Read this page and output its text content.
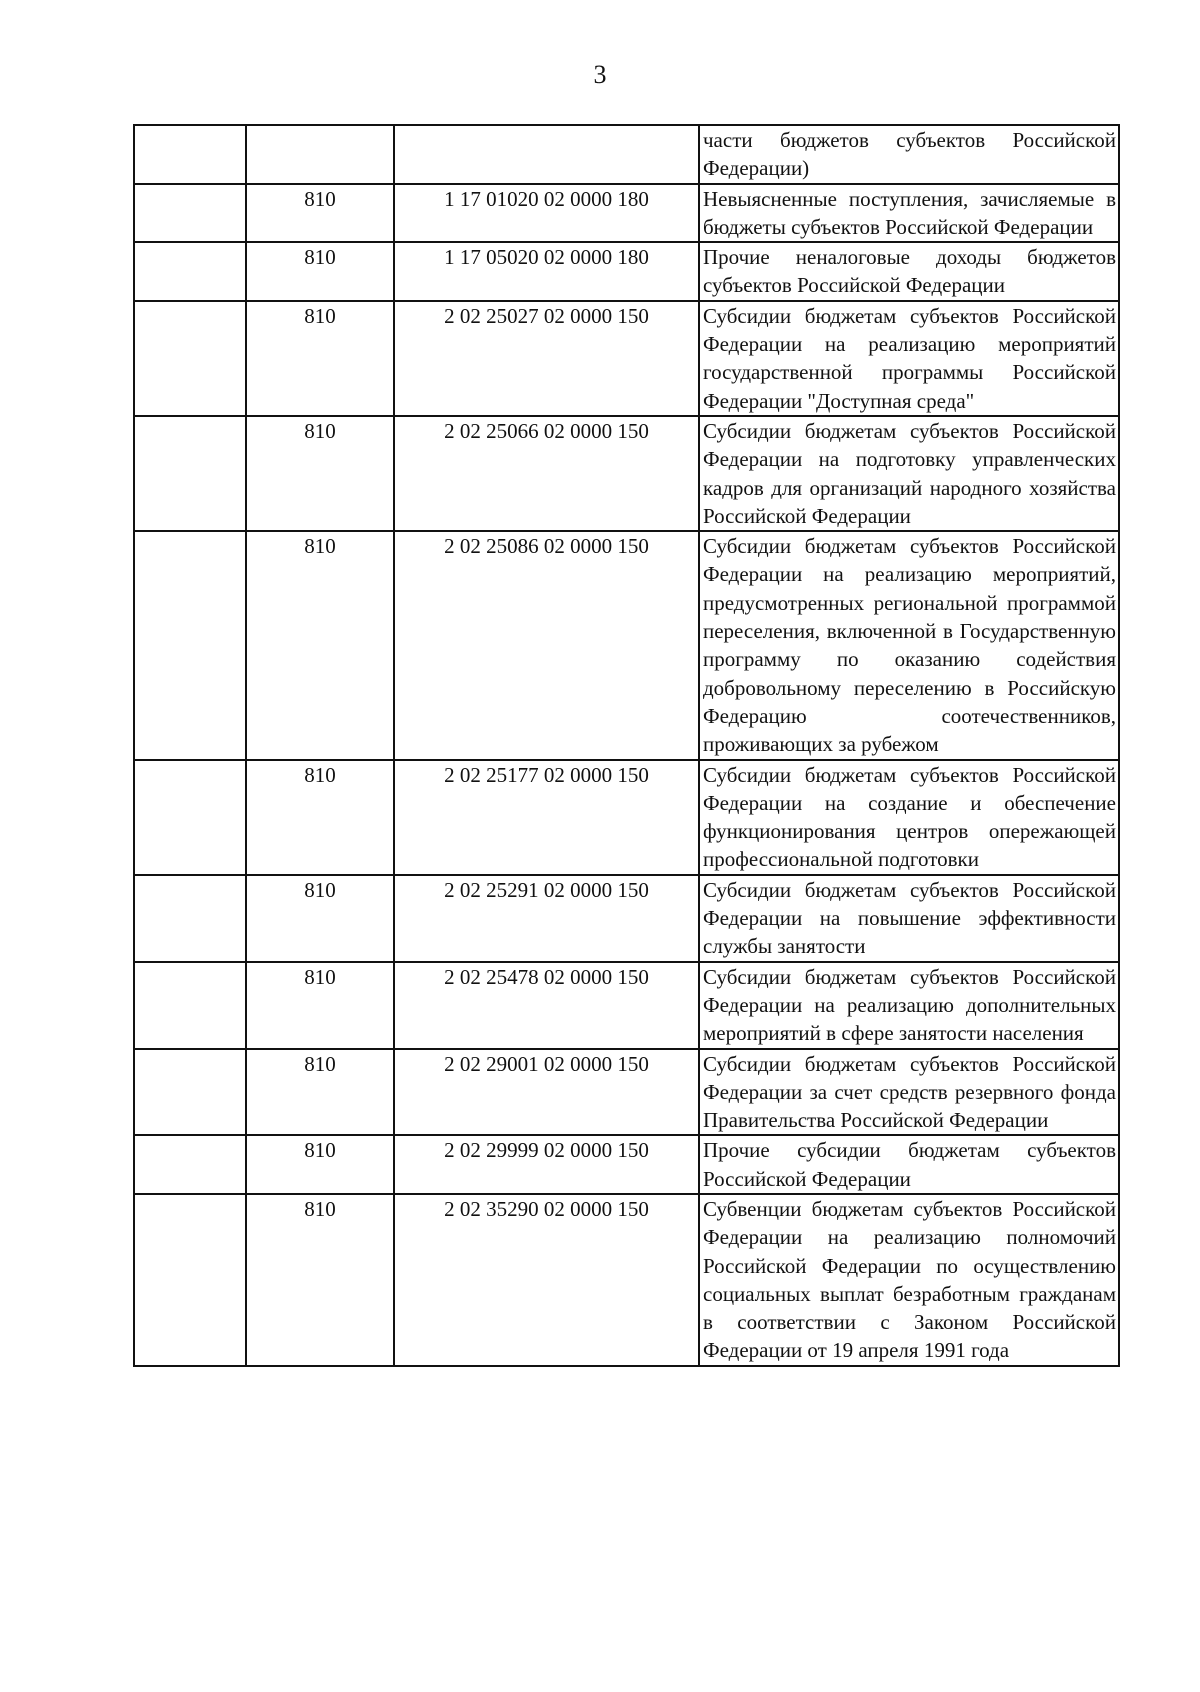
3
			части бюджетов субъектов Российской Федерации)
	810	1 17 01020 02 0000 180	Невыясненные поступления, зачисляемые в бюджеты субъектов Российской Федерации
	810	1 17 05020 02 0000 180	Прочие неналоговые доходы бюджетов субъектов Российской Федерации
	810	2 02 25027 02 0000 150	Субсидии бюджетам субъектов Российской Федерации на реализацию мероприятий государственной программы Российской Федерации "Доступная среда"
	810	2 02 25066 02 0000 150	Субсидии бюджетам субъектов Российской Федерации на подготовку управленческих кадров для организаций народного хозяйства Российской Федерации
	810	2 02 25086 02 0000 150	Субсидии бюджетам субъектов Российской Федерации на реализацию мероприятий, предусмотренных региональной программой переселения, включенной в Государственную программу по оказанию содействия добровольному переселению в Российскую Федерацию соотечественников, проживающих за рубежом
	810	2 02 25177 02 0000 150	Субсидии бюджетам субъектов Российской Федерации на создание и обеспечение функционирования центров опережающей профессиональной подготовки
	810	2 02 25291 02 0000 150	Субсидии бюджетам субъектов Российской Федерации на повышение эффективности службы занятости
	810	2 02 25478 02 0000 150	Субсидии бюджетам субъектов Российской Федерации на реализацию дополнительных мероприятий в сфере занятости населения
	810	2 02 29001 02 0000 150	Субсидии бюджетам субъектов Российской Федерации за счет средств резервного фонда Правительства Российской Федерации
	810	2 02 29999 02 0000 150	Прочие субсидии бюджетам субъектов Российской Федерации
	810	2 02 35290 02 0000 150	Субвенции бюджетам субъектов Российской Федерации на реализацию полномочий Российской Федерации по осуществлению социальных выплат безработным гражданам в соответствии с Законом Российской Федерации от 19 апреля 1991 года
